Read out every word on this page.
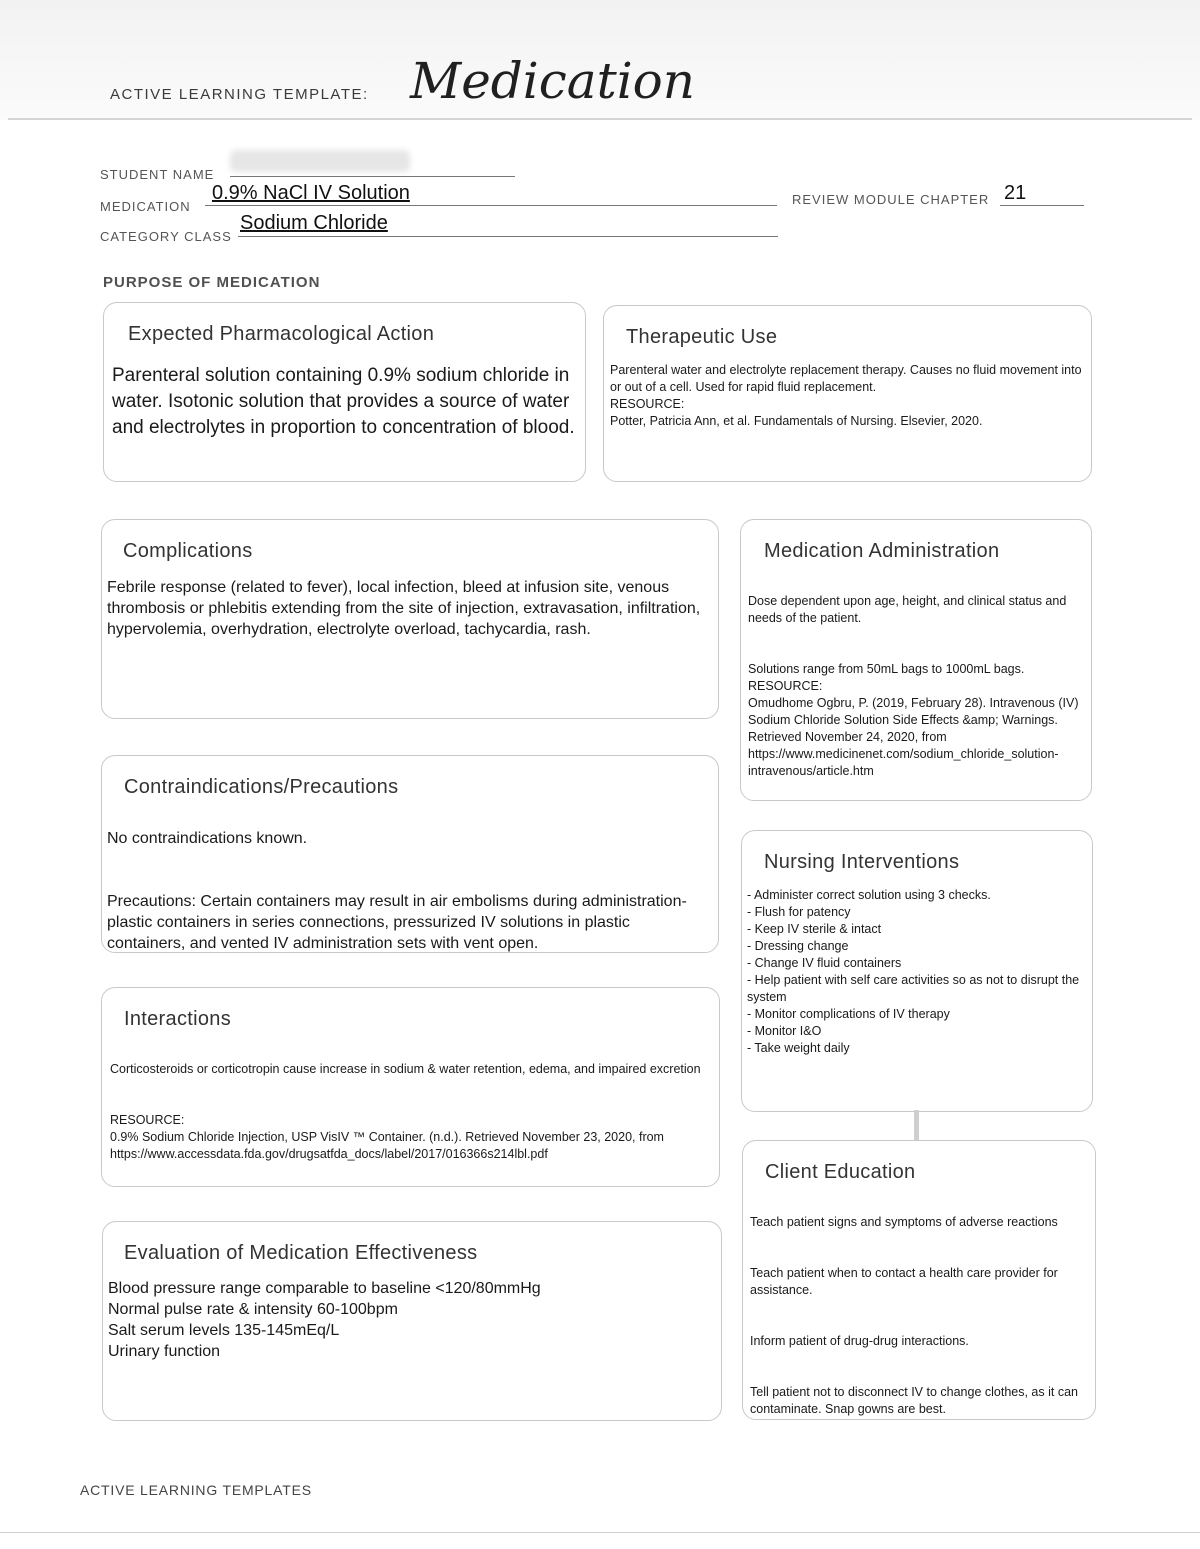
ACTIVE LEARNING TEMPLATE: Medication
STUDENT NAME
MEDICATION
0.9% NaCl IV Solution	REVIEW MODULE CHAPTER 21
CATEGORY CLASS
Sodium Chloride
PURPOSE OF MEDICATION
Expected Pharmacological Action
Parenteral solution containing 0.9% sodium chloride in water. Isotonic solution that provides a source of water and electrolytes in proportion to concentration of blood.
Therapeutic Use
Parenteral water and electrolyte replacement therapy. Causes no fluid movement into or out of a cell. Used for rapid fluid replacement.
RESOURCE:
Potter, Patricia Ann, et al. Fundamentals of Nursing. Elsevier, 2020.
Complications
Febrile response (related to fever), local infection, bleed at infusion site, venous thrombosis or phlebitis extending from the site of injection, extravasation, infiltration, hypervolemia, overhydration, electrolyte overload, tachycardia, rash.
Medication Administration

Dose dependent upon age, height, and clinical status and needs of the patient.

Solutions range from 50mL bags to 1000mL bags.
RESOURCE:
Omudhome Ogbru, P. (2019, February 28). Intravenous (IV) Sodium Chloride Solution Side Effects &amp; Warnings. Retrieved November 24, 2020, from
https://www.medicinenet.com/sodium_chloride_solution-intravenous/article.htm

Contraindications/Precautions

No contraindications known.

Precautions: Certain containers may result in air embolisms during administration- plastic containers in series connections, pressurized IV solutions in plastic containers, and vented IV administration sets with vent open.

Nursing Interventions
- Administer correct solution using 3 checks.
- Flush for patency
- Keep IV sterile & intact
- Dressing change
- Change IV fluid containers
- Help patient with self care activities so as not to disrupt the system
- Monitor complications of IV therapy
- Monitor I&O
- Take weight daily
Interactions

Corticosteroids or corticotropin cause increase in sodium & water retention, edema, and impaired excretion

RESOURCE:
0.9% Sodium Chloride Injection, USP VisIV ™ Container. (n.d.). Retrieved November 23, 2020, from
https://www.accessdata.fda.gov/drugsatfda_docs/label/2017/016366s214lbl.pdf

Client Education

Teach patient signs and symptoms of adverse reactions

Teach patient when to contact a health care provider for assistance.

Inform patient of drug-drug interactions.

Tell patient not to disconnect IV to change clothes, as it can contaminate. Snap gowns are best.

Evaluation of Medication Effectiveness
Blood pressure range comparable to baseline <120/80mmHg
Normal pulse rate & intensity 60-100bpm
Salt serum levels 135-145mEq/L
Urinary function
ACTIVE LEARNING TEMPLATES
